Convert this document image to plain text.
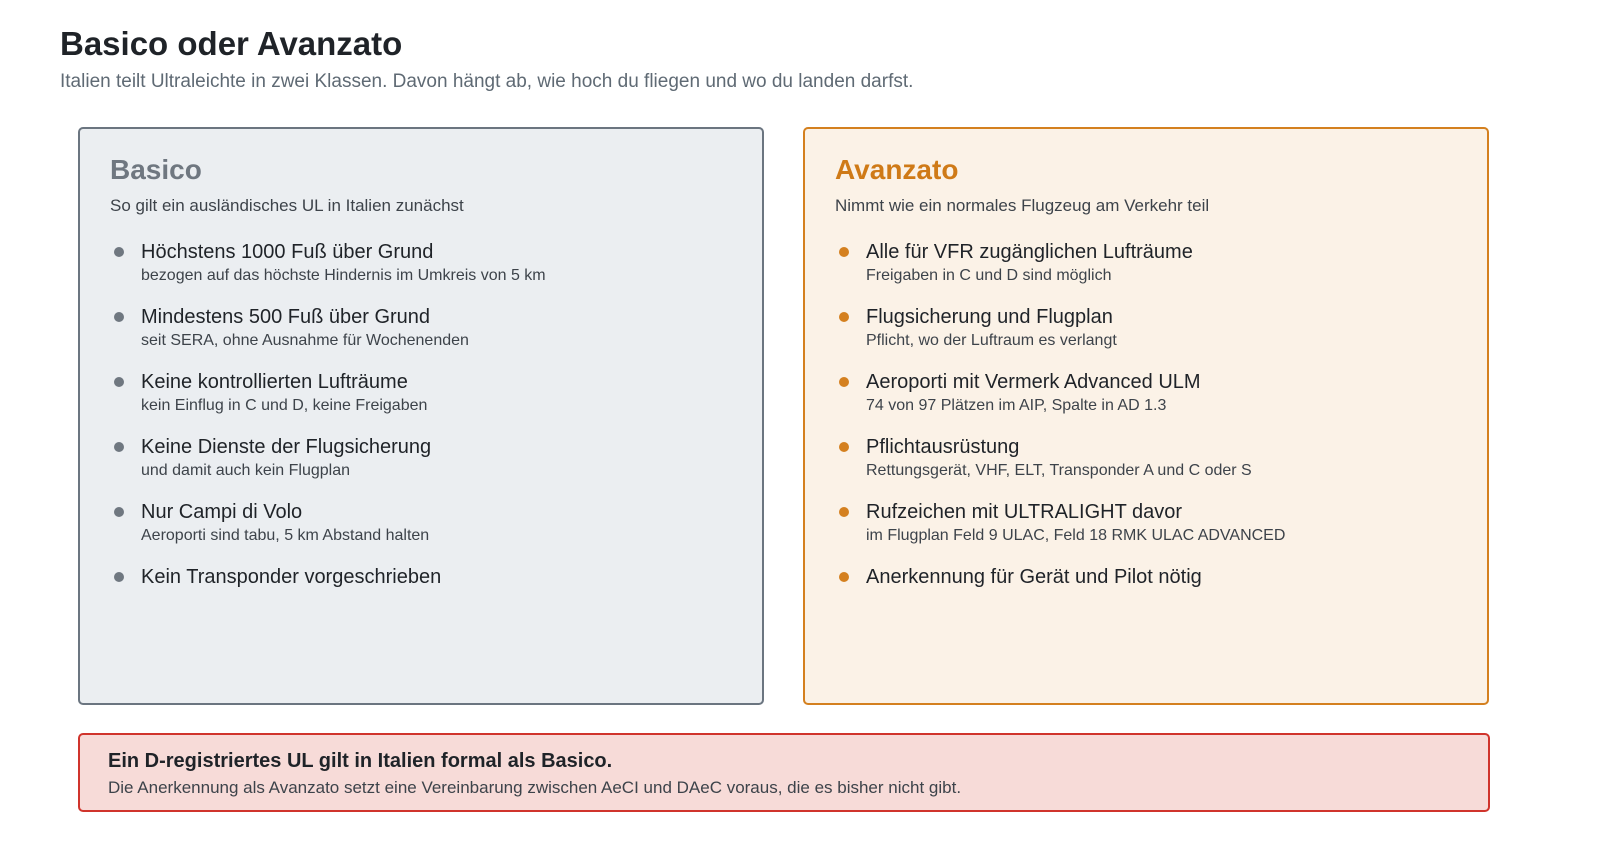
Basico oder Avanzato

Italien teilt Ultraleichte in zwei Klassen. Davon hängt ab, wie hoch du fliegen und wo du landen darfst.

Basico

So gilt ein ausländisches UL in Italien zunächst

Höchstens 1000 Fuß über Grund
bezogen auf das höchste Hindernis im Umkreis von 5 km
Mindestens 500 Fuß über Grund
seit SERA, ohne Ausnahme für Wochenenden
Keine kontrollierten Lufträume
kein Einflug in C und D, keine Freigaben
Keine Dienste der Flugsicherung
und damit auch kein Flugplan
Nur Campi di Volo
Aeroporti sind tabu, 5 km Abstand halten
Kein Transponder vorgeschrieben
Avanzato

Nimmt wie ein normales Flugzeug am Verkehr teil

Alle für VFR zugänglichen Lufträume
Freigaben in C und D sind möglich
Flugsicherung und Flugplan
Pflicht, wo der Luftraum es verlangt
Aeroporti mit Vermerk Advanced ULM
74 von 97 Plätzen im AIP, Spalte in AD 1.3
Pflichtausrüstung
Rettungsgerät, VHF, ELT, Transponder A und C oder S
Rufzeichen mit ULTRALIGHT davor
im Flugplan Feld 9 ULAC, Feld 18 RMK ULAC ADVANCED
Anerkennung für Gerät und Pilot nötig

Ein D-registriertes UL gilt in Italien formal als Basico.

Die Anerkennung als Avanzato setzt eine Vereinbarung zwischen AeCI und DAeC voraus, die es bisher nicht gibt.
